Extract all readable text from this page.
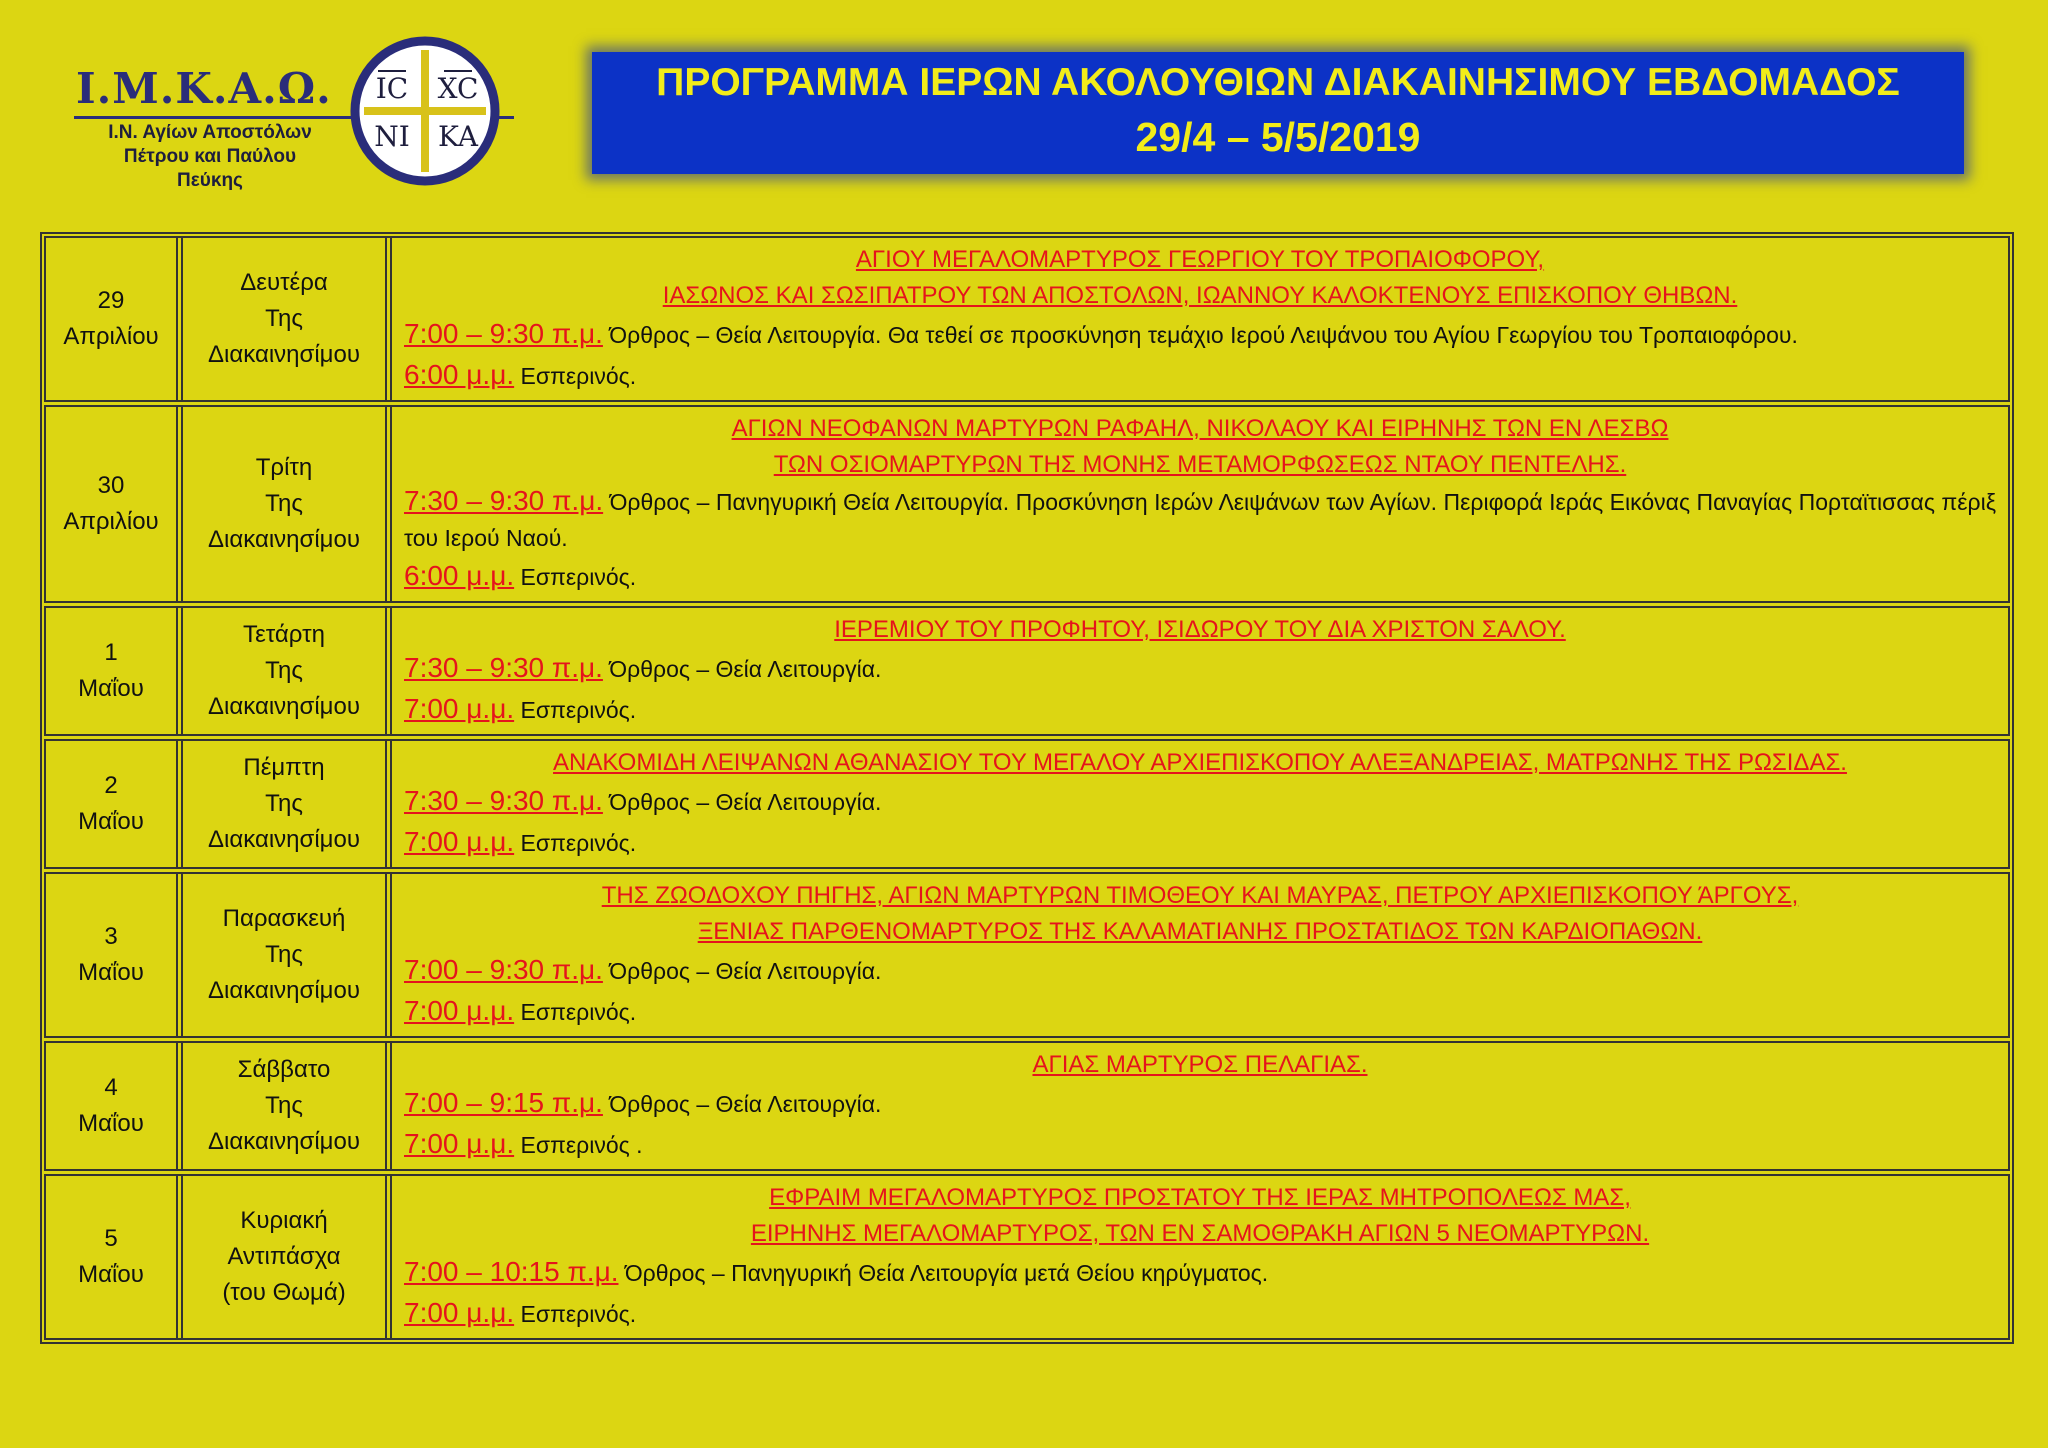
Ι.Μ.Κ.Α.Ω.
Ι.Ν. Αγίων Αποστόλων
Πέτρου και Παύλου
Πεύκης
IC XC
NI KA
ΠΡΟΓΡΑΜΜΑ ΙΕΡΩΝ ΑΚΟΛΟΥΘΙΩΝ ΔΙΑΚΑΙΝΗΣΙΜΟΥ ΕΒΔΟΜΑΔΟΣ
29/4 – 5/5/2019
29
Απριλίου
Δευτέρα
Της
Διακαινησίμου
ΑΓΙΟΥ ΜΕΓΑΛΟΜΑΡΤΥΡΟΣ ΓΕΩΡΓΙΟΥ ΤΟΥ ΤΡΟΠΑΙΟΦΟΡΟΥ,
ΙΑΣΩΝΟΣ ΚΑΙ ΣΩΣΙΠΑΤΡΟΥ ΤΩΝ ΑΠΟΣΤΟΛΩΝ, ΙΩΑΝΝΟΥ ΚΑΛΟΚΤΕΝΟΥΣ ΕΠΙΣΚΟΠΟΥ ΘΗΒΩΝ.
7:00 – 9:30 π.μ. Όρθρος – Θεία Λειτουργία. Θα τεθεί σε προσκύνηση τεμάχιο Ιερού Λειψάνου του Αγίου Γεωργίου του Τροπαιοφόρου.
6:00 μ.μ. Εσπερινός.
30
Απριλίου
Τρίτη
Της
Διακαινησίμου
ΑΓΙΩΝ ΝΕΟΦΑΝΩΝ ΜΑΡΤΥΡΩΝ ΡΑΦΑΗΛ, ΝΙΚΟΛΑΟΥ ΚΑΙ ΕΙΡΗΝΗΣ ΤΩΝ ΕΝ ΛΕΣΒΩ
ΤΩΝ ΟΣΙΟΜΑΡΤΥΡΩΝ ΤΗΣ ΜΟΝΗΣ ΜΕΤΑΜΟΡΦΩΣΕΩΣ ΝΤΑΟΥ ΠΕΝΤΕΛΗΣ.
7:30 – 9:30 π.μ. Όρθρος – Πανηγυρική Θεία Λειτουργία. Προσκύνηση Ιερών Λειψάνων των Αγίων. Περιφορά Ιεράς Εικόνας Παναγίας Πορταϊτισσας πέριξ του Ιερού Ναού.
6:00 μ.μ. Εσπερινός.
1
Μαΐου
Τετάρτη
Της
Διακαινησίμου
ΙΕΡΕΜΙΟΥ ΤΟΥ ΠΡΟΦΗΤΟΥ, ΙΣΙΔΩΡΟΥ ΤΟΥ ΔΙΑ ΧΡΙΣΤΟΝ ΣΑΛΟΥ.
7:30 – 9:30 π.μ. Όρθρος – Θεία Λειτουργία.
7:00 μ.μ. Εσπερινός.
2
Μαΐου
Πέμπτη
Της
Διακαινησίμου
ΑΝΑΚΟΜΙΔΗ ΛΕΙΨΑΝΩΝ ΑΘΑΝΑΣΙΟΥ ΤΟΥ ΜΕΓΑΛΟΥ ΑΡΧΙΕΠΙΣΚΟΠΟΥ ΑΛΕΞΑΝΔΡΕΙΑΣ, ΜΑΤΡΩΝΗΣ ΤΗΣ ΡΩΣΙΔΑΣ.
7:30 – 9:30 π.μ. Όρθρος – Θεία Λειτουργία.
7:00 μ.μ. Εσπερινός.
3
Μαΐου
Παρασκευή
Της
Διακαινησίμου
ΤΗΣ ΖΩΟΔΟΧΟΥ ΠΗΓΗΣ, ΑΓΙΩΝ ΜΑΡΤΥΡΩΝ ΤΙΜΟΘΕΟΥ ΚΑΙ ΜΑΥΡΑΣ, ΠΕΤΡΟΥ ΑΡΧΙΕΠΙΣΚΟΠΟΥ ΆΡΓΟΥΣ,
ΞΕΝΙΑΣ ΠΑΡΘΕΝΟΜΑΡΤΥΡΟΣ ΤΗΣ ΚΑΛΑΜΑΤΙΑΝΗΣ ΠΡΟΣΤΑΤΙΔΟΣ ΤΩΝ ΚΑΡΔΙΟΠΑΘΩΝ.
7:00 – 9:30 π.μ. Όρθρος – Θεία Λειτουργία.
7:00 μ.μ. Εσπερινός.
4
Μαΐου
Σάββατο
Της
Διακαινησίμου
ΑΓΙΑΣ ΜΑΡΤΥΡΟΣ ΠΕΛΑΓΙΑΣ.
7:00 – 9:15 π.μ. Όρθρος – Θεία Λειτουργία.
7:00 μ.μ. Εσπερινός .
5
Μαΐου
Κυριακή
Αντιπάσχα
(του Θωμά)
ΕΦΡΑΙΜ ΜΕΓΑΛΟΜΑΡΤΥΡΟΣ ΠΡΟΣΤΑΤΟΥ ΤΗΣ ΙΕΡΑΣ ΜΗΤΡΟΠΟΛΕΩΣ ΜΑΣ,
ΕΙΡΗΝΗΣ ΜΕΓΑΛΟΜΑΡΤΥΡΟΣ, ΤΩΝ ΕΝ ΣΑΜΟΘΡΑΚΗ ΑΓΙΩΝ 5 ΝΕΟΜΑΡΤΥΡΩΝ.
7:00 – 10:15 π.μ. Όρθρος – Πανηγυρική Θεία Λειτουργία μετά Θείου κηρύγματος.
7:00 μ.μ. Εσπερινός.
